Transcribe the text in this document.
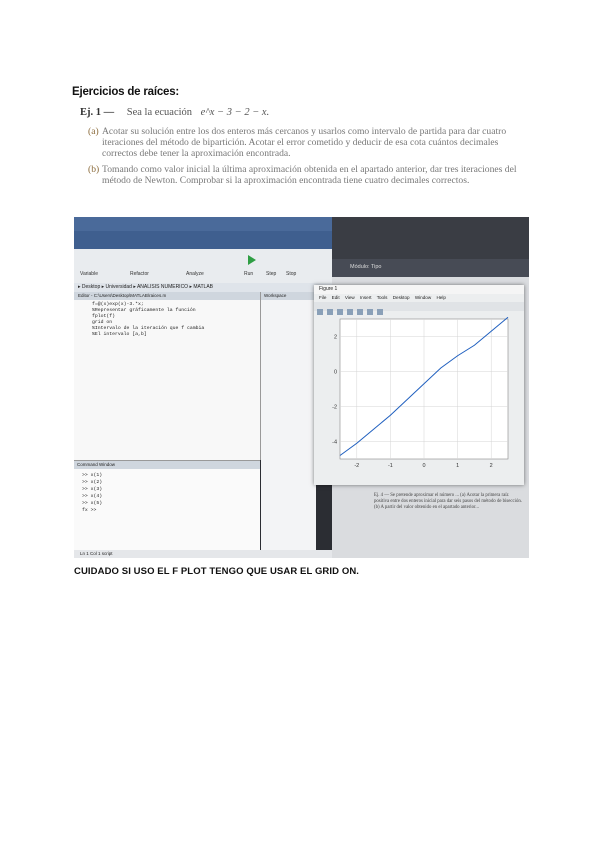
Ejercicios de raíces:
Ej. 1 — Sea la ecuación e^x − 3 − 2 − x.
(a) Acotar su solución entre los dos enteros más cercanos y usarlos como intervalo de partida para dar cuatro iteraciones del método de bipartición. Acotar el error cometido y deducir de esa cota cuántos decimales correctos debe tener la aproximación encontrada.
(b) Tomando como valor inicial la última aproximación obtenida en el apartado anterior, dar tres iteraciones del método de Newton. Comprobar si la aproximación encontrada tiene cuatro decimales correctos.
Variable	Refactor	Analyze	Run	Step Stop
▸ Desktop ▸ Universidad ▸ ANALISIS NUMERICO ▸ MATLAB
Editor - C:\Users\Desktop\MATLAB\raices.m
f=@(x)exp(x)-3.*x;
%Representar gráficamente la función
fplot(f)
grid on
%Intervalo de la iteración que f cambia
%El intervalo [a,b]
Workspace
Command Window
>> x(1)
>> x(2)
>> x(3)
>> x(4)
>> x(5)
fx >>
Ln 1 Col 1 script
Módulo: Tipo
Ej. 4 — Se pretende aproximar el número ... (a) Acotar la primera raíz positiva entre dos enteros inicial para dar seis pasos del método de bisección. (b) A partir del valor obtenido en el apartado anterior...
Figure 1
File Edit View Insert Tools Desktop Window Help
-2	-1	0	1	2
-4
-2
0
2
CUIDADO SI USO EL F PLOT TENGO QUE USAR EL GRID ON.
